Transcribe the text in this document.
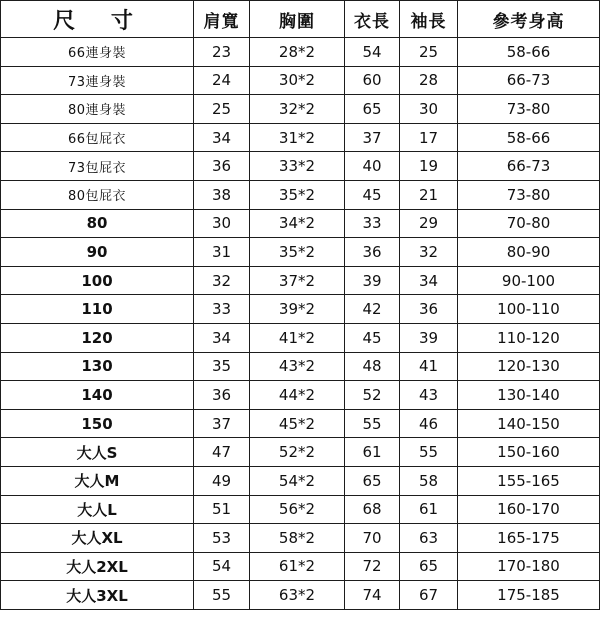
尺 寸	肩寬	胸圍	衣長	袖長	參考身高
66連身裝	23	28*2	54	25	58-66
73連身裝	24	30*2	60	28	66-73
80連身裝	25	32*2	65	30	73-80
66包屁衣	34	31*2	37	17	58-66
73包屁衣	36	33*2	40	19	66-73
80包屁衣	38	35*2	45	21	73-80
80	30	34*2	33	29	70-80
90	31	35*2	36	32	80-90
100	32	37*2	39	34	90-100
110	33	39*2	42	36	100-110
120	34	41*2	45	39	110-120
130	35	43*2	48	41	120-130
140	36	44*2	52	43	130-140
150	37	45*2	55	46	140-150
大人S	47	52*2	61	55	150-160
大人M	49	54*2	65	58	155-165
大人L	51	56*2	68	61	160-170
大人XL	53	58*2	70	63	165-175
大人2XL	54	61*2	72	65	170-180
大人3XL	55	63*2	74	67	175-185
